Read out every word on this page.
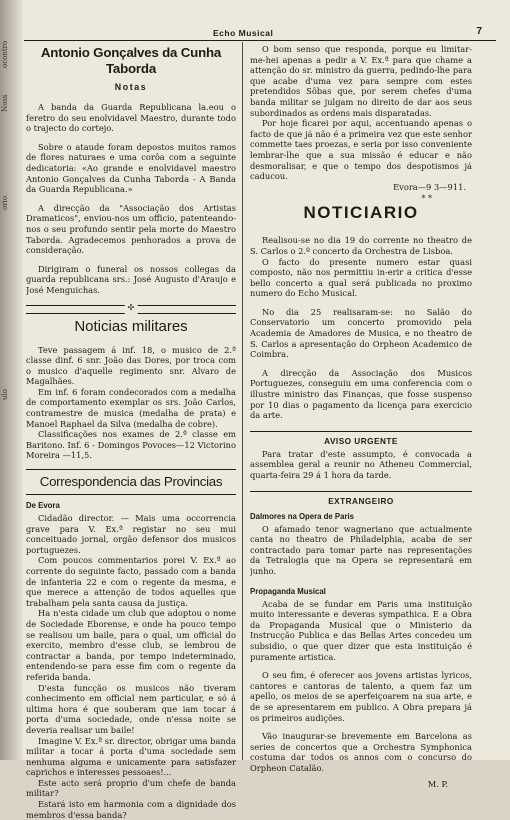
ocontro
Noss
orio
ulo
Echo Musical	7
Antonio Gonçalves da Cunha Taborda
Notas

A banda da Guarda Republicana la.eou o feretro do seu enolvidavel Maestro, durante todo o trajecto do cortejo.

Sobre o ataude foram depostos muitos ramos de flores naturaes e uma corôa com a seguinte dedicatoria: «Ao grande e enolvidavel maestro Antonio Gonçalves da Cunha Taborda - A Banda da Guarda Republicana.»

A direcção da "Associação dos Artistas Dramaticos", enviou-nos um officio, patenteando-nos o seu profundo sentir pela morte do Maestro Taborda. Agradecemos penhorados a prova de consideração.

Dirigiram o funeral os nossos collegas da guarda republicana srs.: José Augusto d'Araujo e José Menguichas.

✣
Noticias militares

Teve passagem á inf. 18, o musico de 2.ª classe dinf. 6 snr. João das Dores, por troca com o musico d'aquelle regimento snr. Alvaro de Magalhães.

Em inf. 6 foram condecorados com a medalha de comportamento exemplar os srs. João Carlos, contramestre de musica (medalha de prata) e Manoel Raphael da Silva (medalha de cobre).

Classificações nos exames de 2.ª classe em Baritono. Inf. 6 - Domingos Povoces—12 Victorino Moreira —11,5.

Correspondencia das Provincias
De Evora

Cidadão director. — Mais uma occorrencia grave para V. Ex.ª registar no seu mui conceituado jornal, orgão defensor dos musicos portuguezes.

Com poucos commentarios porei V. Ex.ª ao corrente do seguinte facto, passado com a banda de infanteria 22 e com o regente da mesma, e que merece a attenção de todos aquelles que trabalham pela santa causa da justiça.

Ha n'esta cidade um club que adoptou o nome de Sociedade Eborense, e onde ha pouco tempo se realisou um baile, para o qual, um official do exercito, membro d'esse club, se lembrou de contractar a banda, por tempo indeterminado, entendendo-se para esse fim com o regente da referida banda.

D'esta funcção os musicos não tiveram conhecimento em official nem particular, e só á ultima hora é que souberam que iam tocar á porta d'uma sociedade, onde n'essa noite se deveria realisar um baile!

Imagine V. Ex.ª sr. director, obrigar uma banda militar a tocar á porta d'uma sociedade sem nenhuma alguma e unicamente para satisfazer caprichos e interesses pessoaes!...

Este acto será proprio d'um chefe de banda militar?

Estará isto em harmonia com a dignidade dos membros d'essa banda?

O bom senso que responda, porque eu limitar-me-hei apenas a pedir a V. Ex.ª para que chame a attenção do sr. ministro da guerra, pedindo-lhe para que acabe d'uma vez para sempre com estes pretendidos Sôbas que, por serem chefes d'uma banda militar se julgam no direito de dar aos seus subordinados as ordens mais disparatadas.

Por hoje ficarei por aqui, accentuando apenas o facto de que já não é a primeira vez que este senhor commette taes proezas, e seria por isso conveniente lembrar-lhe que a sua missão é educar e não desmoralisar, e que o tempo dos despotismos já caducou.

Evora—9 3—911.
* *
NOTICIARIO

Realisou-se no dia 19 do corrente no theatro de S. Carlos o 2.º concerto da Orchestra de Lisboa.

O facto do presente numero estar quasi composto, não nos permittiu in-erir a critica d'esse bello concerto a qual será publicada no proximo numero do Echo Musical.

No dia 25 realisaram-se: no Salão do Conservatorio um concerto promovido pela Academia de Amadores de Musica, e no theatro de S. Carlos a apresentação do Orpheon Academico de Coimbra.

A direcção da Associação dos Musicos Portuguezes, conseguiu em uma conferencia com o illustre ministro das Finanças, que fosse suspenso por 10 dias o pagamento da licença para exercicio da arte.

AVISO URGENTE

Para tratar d'este assumpto, é convocada a assemblea geral a reunir no Atheneu Commercial, quarta-feira 29 á 1 hora da tarde.

EXTRANGEIRO
Dalmores na Opera de Paris

O afamado tenor wagneriano que actualmente canta no theatro de Philadelphia, acaba de ser contractado para tomar parte nas representações da Tetralogia que na Opera se representará em junho.

Propaganda Musical

Acaba de se fundar em Paris uma instituição muito interessante e deveras sympathica. E a Obra da Propaganda Musical que o Ministerio da Instrucção Publica e das Bellas Artes concedeu um subsidio, o que quer dizer que esta instituição é puramente artistica.

O seu fim, é oferecer aos jovens artistas lyricos, cantores e cantoras de talento, a quem faz um apello, os meios de se aperfeiçoarem na sua arte, e de se apresentarem em publico. A Obra prepara já os primeiros audições.

Vão inaugurar-se brevemente em Barcelona as series de concertos que a Orchestra Symphonica costuma dar todos os annos com o concurso do Orpheon Catalão.

M. P.
